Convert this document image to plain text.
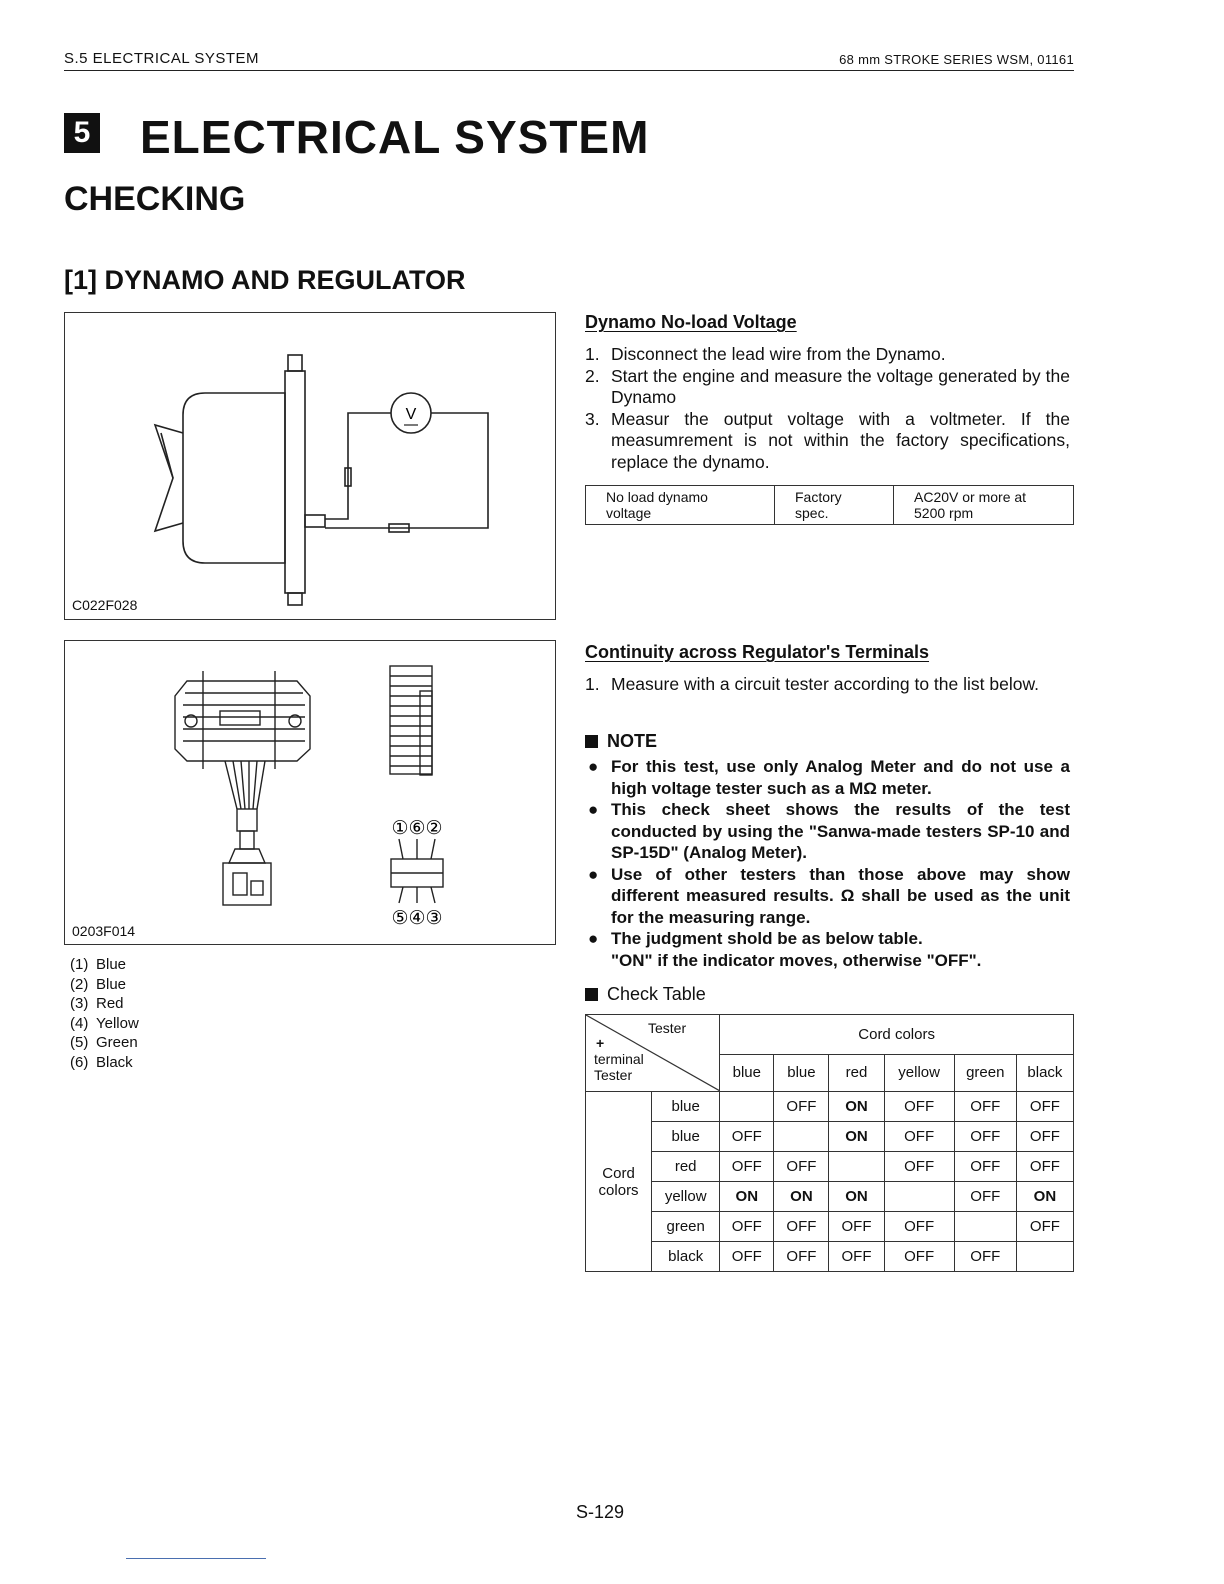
S.5 ELECTRICAL SYSTEM	68 mm STROKE SERIES WSM, 01161
5 ELECTRICAL SYSTEM
CHECKING
[1] DYNAMO AND REGULATOR
V
C022F028
①⑥②
⑤④③
0203F014
(1) Blue
(2) Blue
(3) Red
(4) Yellow
(5) Green
(6) Black
Dynamo No-load Voltage

1. Disconnect the lead wire from the Dynamo.

2. Start the engine and measure the voltage generated by the Dynamo

3. Measur the output voltage with a voltmeter. If the measumrement is not within the factory specifications, replace the dynamo.

No load dynamo
voltage

Factory
spec.

AC20V or more at
5200 rpm
Continuity across Regulator's Terminals

1. Measure with a circuit tester according to the list below.

NOTE

● For this test, use only Analog Meter and do not use a high voltage tester such as a MΩ meter.

● This check sheet shows the results of the test conducted by using the "Sanwa-made testers SP-10 and SP-15D" (Analog Meter).

● Use of other testers than those above may show different measured results. Ω shall be used as the unit for the measuring range.

● The judgment shold be as below table.
"ON" if the indicator moves, otherwise "OFF".

Check Table
Tester
+
terminal
Tester		Cord colors					
		blue	blue	red	yellow	green	black

Cord
colors	blue		OFF	ON	OFF	OFF	OFF
	blue	OFF		ON	OFF	OFF	OFF
	red	OFF	OFF		OFF	OFF	OFF
	yellow	ON	ON	ON		OFF	ON
	green	OFF	OFF	OFF	OFF		OFF
	black	OFF	OFF	OFF	OFF	OFF	
S-129
